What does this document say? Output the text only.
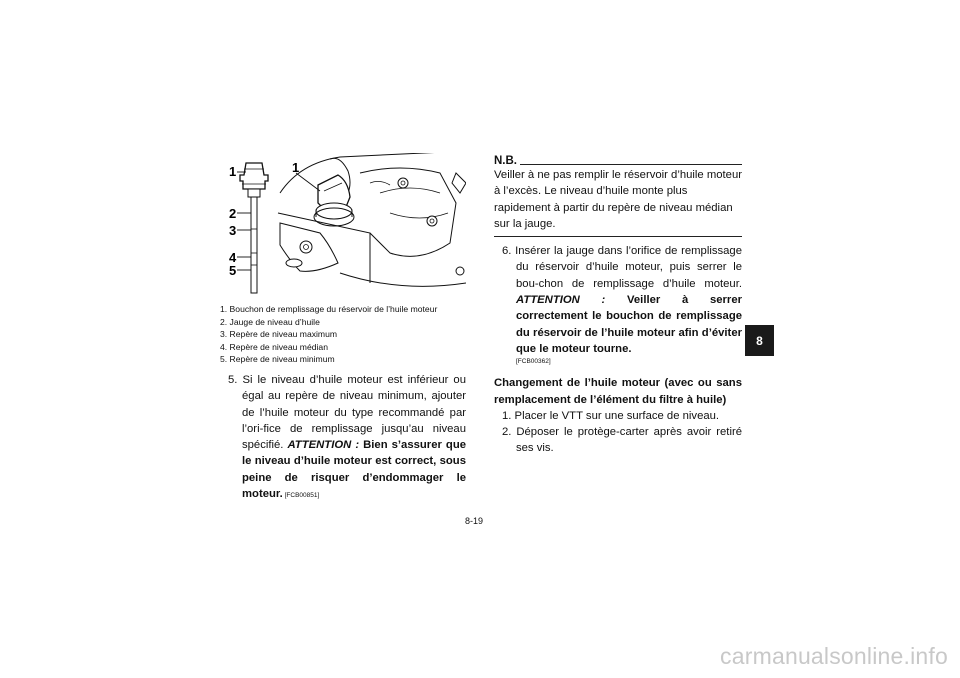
1	1
2
3
4
5
1. Bouchon de remplissage du réservoir de l’huile moteur
2. Jauge de niveau d’huile
3. Repère de niveau maximum
4. Repère de niveau médian
5. Repère de niveau minimum

5. Si le niveau d’huile moteur est inférieur ou égal au repère de niveau minimum, ajouter de l’huile moteur du type recommandé par l’ori-fice de remplissage jusqu’au niveau spécifié. ATTENTION : Bien s’assurer que le niveau d’huile moteur est correct, sous peine de risquer d’endommager le moteur. [FCB00851]

N.B.
Veiller à ne pas remplir le réservoir d’huile moteur à l’excès. Le niveau d’huile monte plus rapidement à partir du repère de niveau médian sur la jauge.

6. Insérer la jauge dans l’orifice de remplissage du réservoir d’huile moteur, puis serrer le bou-chon de remplissage d’huile moteur. ATTENTION : Veiller à serrer correctement le bouchon de remplissage du réservoir de l’huile moteur afin d’éviter que le moteur tourne.

[FCB00362]
Changement de l’huile moteur (avec ou sans remplacement de l’élément du filtre à huile)

1. Placer le VTT sur une surface de niveau.

2. Déposer le protège-carter après avoir retiré ses vis.

8
8-19
carmanualsonline.info
